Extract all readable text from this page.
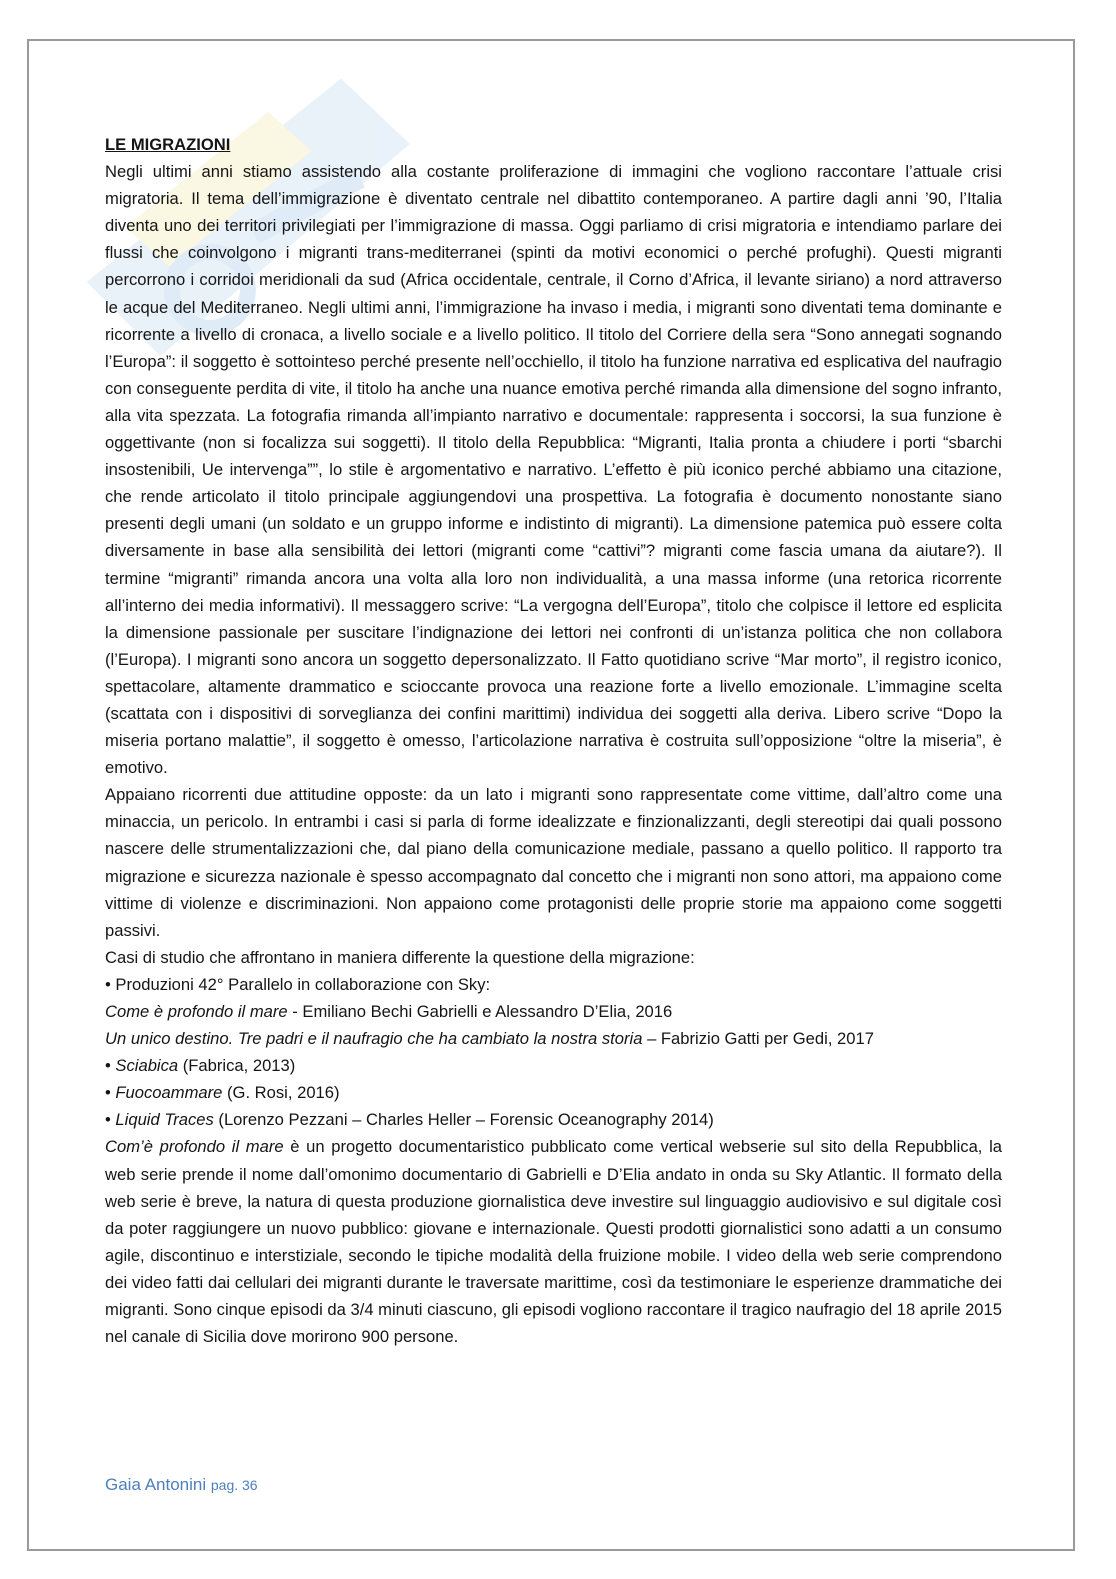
LE MIGRAZIONI

Negli ultimi anni stiamo assistendo alla costante proliferazione di immagini che vogliono raccontare l’attuale crisi migratoria. Il tema dell’immigrazione è diventato centrale nel dibattito contemporaneo. A partire dagli anni ’90, l’Italia diventa uno dei territori privilegiati per l’immigrazione di massa. Oggi parliamo di crisi migratoria e intendiamo parlare dei flussi che coinvolgono i migranti trans-mediterranei (spinti da motivi economici o perché profughi). Questi migranti percorrono i corridoi meridionali da sud (Africa occidentale, centrale, il Corno d’Africa, il levante siriano) a nord attraverso le acque del Mediterraneo. Negli ultimi anni, l’immigrazione ha invaso i media, i migranti sono diventati tema dominante e ricorrente a livello di cronaca, a livello sociale e a livello politico. Il titolo del Corriere della sera “Sono annegati sognando l’Europa”: il soggetto è sottointeso perché presente nell’occhiello, il titolo ha funzione narrativa ed esplicativa del naufragio con conseguente perdita di vite, il titolo ha anche una nuance emotiva perché rimanda alla dimensione del sogno infranto, alla vita spezzata. La fotografia rimanda all’impianto narrativo e documentale: rappresenta i soccorsi, la sua funzione è oggettivante (non si focalizza sui soggetti). Il titolo della Repubblica: “Migranti, Italia pronta a chiudere i porti “sbarchi insostenibili, Ue intervenga””, lo stile è argomentativo e narrativo. L’effetto è più iconico perché abbiamo una citazione, che rende articolato il titolo principale aggiungendovi una prospettiva. La fotografia è documento nonostante siano presenti degli umani (un soldato e un gruppo informe e indistinto di migranti). La dimensione patemica può essere colta diversamente in base alla sensibilità dei lettori (migranti come “cattivi”? migranti come fascia umana da aiutare?). Il termine “migranti” rimanda ancora una volta alla loro non individualità, a una massa informe (una retorica ricorrente all’interno dei media informativi). Il messaggero scrive: “La vergogna dell’Europa”, titolo che colpisce il lettore ed esplicita la dimensione passionale per suscitare l’indignazione dei lettori nei confronti di un’istanza politica che non collabora (l’Europa). I migranti sono ancora un soggetto depersonalizzato. Il Fatto quotidiano scrive “Mar morto”, il registro iconico, spettacolare, altamente drammatico e scioccante provoca una reazione forte a livello emozionale. L’immagine scelta (scattata con i dispositivi di sorveglianza dei confini marittimi) individua dei soggetti alla deriva. Libero scrive “Dopo la miseria portano malattie”, il soggetto è omesso, l’articolazione narrativa è costruita sull’opposizione “oltre la miseria”, è emotivo.

Appaiano ricorrenti due attitudine opposte: da un lato i migranti sono rappresentate come vittime, dall’altro come una minaccia, un pericolo. In entrambi i casi si parla di forme idealizzate e finzionalizzanti, degli stereotipi dai quali possono nascere delle strumentalizzazioni che, dal piano della comunicazione mediale, passano a quello politico. Il rapporto tra migrazione e sicurezza nazionale è spesso accompagnato dal concetto che i migranti non sono attori, ma appaiono come vittime di violenze e discriminazioni. Non appaiono come protagonisti delle proprie storie ma appaiono come soggetti passivi.

Casi di studio che affrontano in maniera differente la questione della migrazione:

• Produzioni 42° Parallelo in collaborazione con Sky:

Come è profondo il mare - Emiliano Bechi Gabrielli e Alessandro D’Elia, 2016

Un unico destino. Tre padri e il naufragio che ha cambiato la nostra storia – Fabrizio Gatti per Gedi, 2017

• Sciabica (Fabrica, 2013)

• Fuocoammare (G. Rosi, 2016)

• Liquid Traces (Lorenzo Pezzani – Charles Heller – Forensic Oceanography 2014)

Com’è profondo il mare è un progetto documentaristico pubblicato come vertical webserie sul sito della Repubblica, la web serie prende il nome dall’omonimo documentario di Gabrielli e D’Elia andato in onda su Sky Atlantic. Il formato della web serie è breve, la natura di questa produzione giornalistica deve investire sul linguaggio audiovisivo e sul digitale così da poter raggiungere un nuovo pubblico: giovane e internazionale. Questi prodotti giornalistici sono adatti a un consumo agile, discontinuo e interstiziale, secondo le tipiche modalità della fruizione mobile. I video della web serie comprendono dei video fatti dai cellulari dei migranti durante le traversate marittime, così da testimoniare le esperienze drammatiche dei migranti. Sono cinque episodi da 3/4 minuti ciascuno, gli episodi vogliono raccontare il tragico naufragio del 18 aprile 2015 nel canale di Sicilia dove morirono 900 persone.

Gaia Antonini pag. 36
